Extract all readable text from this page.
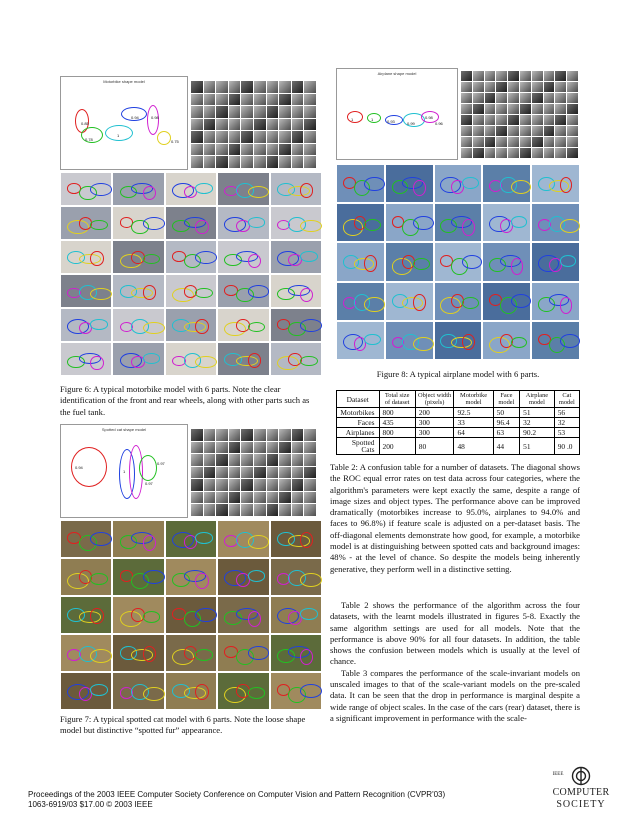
Motorbike shape model
0.85
0.78
0.94
1
0.98
0.75
Figure 6: A typical motorbike model with 6 parts. Note the clear identification of the front and rear wheels, along with other parts such as the fuel tank.
Spotted cat shape model
0.94
1
0.97
0.97
Figure 7: A typical spotted cat model with 6 parts. Note the loose shape model but distinctive “spotted fur” appearance.
Airplane shape model
1	1	0.93	0.99
0.98
0.96
Figure 8: A typical airplane model with 6 parts.
Dataset	Total size of dataset	Object width (pixels)	Motorbike model	Face model	Airplane model	Cat model
Motorbikes	800	200	92.5	50	51	56
Faces	435	300	33	96.4	32	32
Airplanes	800	300	64	63	90.2	53
Spotted Cats	200	80	48	44	51	90 .0
Table 2: A confusion table for a number of datasets. The diagonal shows the ROC equal error rates on test data across four categories, where the algorithm's parameters were kept exactly the same, despite a range of image sizes and object types. The performance above can be improved dramatically (motorbikes increase to 95.0%, airplanes to 94.0% and faces to 96.8%) if feature scale is adjusted on a per-dataset basis. The off-diagonal elements demonstrate how good, for example, a motorbike model is at distinguishing between spotted cats and background images: 48% - at the level of chance. So despite the models being inherently generative, they perform well in a distinctive setting.

Table 2 shows the performance of the algorithm across the four datasets, with the learnt models illustrated in figures 5-8. Exactly the same algorithm settings are used for all models. Note that the performance is above 90% for all four datasets. In addition, the table shows the confusion between models which is usually at the level of chance.

Table 3 compares the performance of the scale-invariant models on unscaled images to that of the scale-variant models on the pre-scaled data. It can be seen that the drop in performance is marginal despite a wide range of object scales. In the case of the cars (rear) dataset, there is a significant improvement in performance with the scale-

Proceedings of the 2003 IEEE Computer Society Conference on Computer Vision and Pattern Recognition (CVPR'03)
1063-6919/03 $17.00 © 2003 IEEE
IEEE
COMPUTER
SOCIETY
